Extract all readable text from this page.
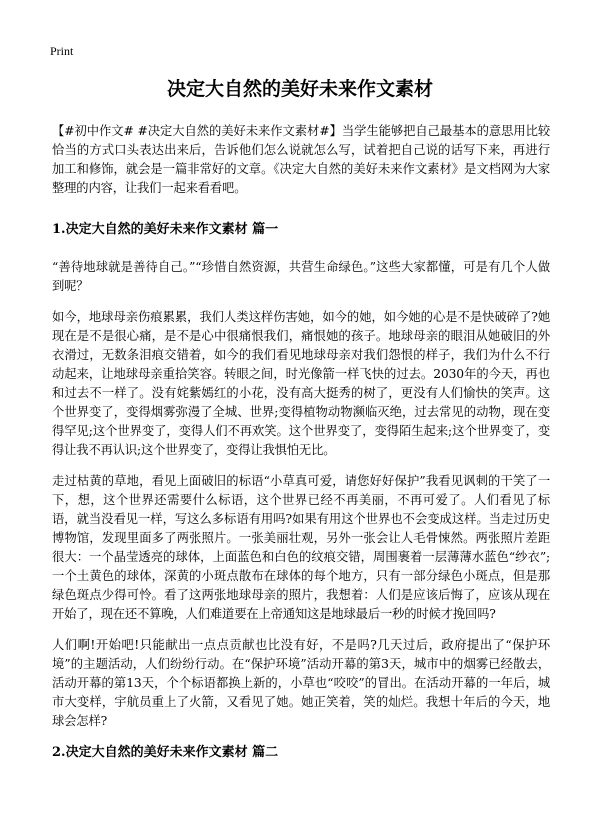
Print
决定大自然的美好未来作文素材

【#初中作文# #决定大自然的美好未来作文素材#】当学生能够把自己最基本的意思用比较恰当的方式口头表达出来后，告诉他们怎么说就怎么写，试着把自己说的话写下来，再进行加工和修饰，就会是一篇非常好的文章。《决定大自然的美好未来作文素材》是文档网为大家整理的内容，让我们一起来看看吧。

1.决定大自然的美好未来作文素材 篇一

“善待地球就是善待自己。”“珍惜自然资源，共营生命绿色。”这些大家都懂，可是有几个人做到呢？

如今，地球母亲伤痕累累，我们人类这样伤害她，如今的她，如今她的心是不是快破碎了?她现在是不是很心痛，是不是心中很痛恨我们，痛恨她的孩子。地球母亲的眼泪从她破旧的外衣滑过，无数条泪痕交错着，如今的我们看见地球母亲对我们怨恨的样子，我们为什么不行动起来，让地球母亲重拾笑容。转眼之间，时光像箭一样飞快的过去。2030年的今天，再也和过去不一样了。没有姹紫嫣红的小花，没有高大挺秀的树了，更没有人们愉快的笑声。这个世界变了，变得烟雾弥漫了全城、世界;变得植物动物濒临灭绝，过去常见的动物，现在变得罕见;这个世界变了，变得人们不再欢笑。这个世界变了，变得陌生起来;这个世界变了，变得让我不再认识;这个世界变了，变得让我惧怕无比。

走过枯黄的草地，看见上面破旧的标语“小草真可爱，请您好好保护”我看见讽刺的干笑了一下，想，这个世界还需要什么标语，这个世界已经不再美丽，不再可爱了。人们看见了标语，就当没看见一样，写这么多标语有用吗?如果有用这个世界也不会变成这样。当走过历史博物馆，发现里面多了两张照片。一张美丽壮观，另外一张会让人毛骨悚然。两张照片差距很大：一个晶莹透亮的球体，上面蓝色和白色的纹痕交错，周围裹着一层薄薄水蓝色“纱衣”;一个土黄色的球体，深黄的小斑点散布在球体的每个地方，只有一部分绿色小斑点，但是那绿色斑点少得可怜。看了这两张地球母亲的照片，我想着：人们是应该后悔了，应该从现在开始了，现在还不算晚，人们难道要在上帝通知这是地球最后一秒的时候才挽回吗?

人们啊!开始吧!只能献出一点点贡献也比没有好，不是吗?几天过后，政府提出了“保护环境”的主题活动，人们纷纷行动。在“保护环境”活动开幕的第3天，城市中的烟雾已经散去，活动开幕的第13天，个个标语都换上新的，小草也“咬咬”的冒出。在活动开幕的一年后，城市大变样，宇航员重上了火箭，又看见了她。她正笑着，笑的灿烂。我想十年后的今天，地球会怎样?

2.决定大自然的美好未来作文素材 篇二
